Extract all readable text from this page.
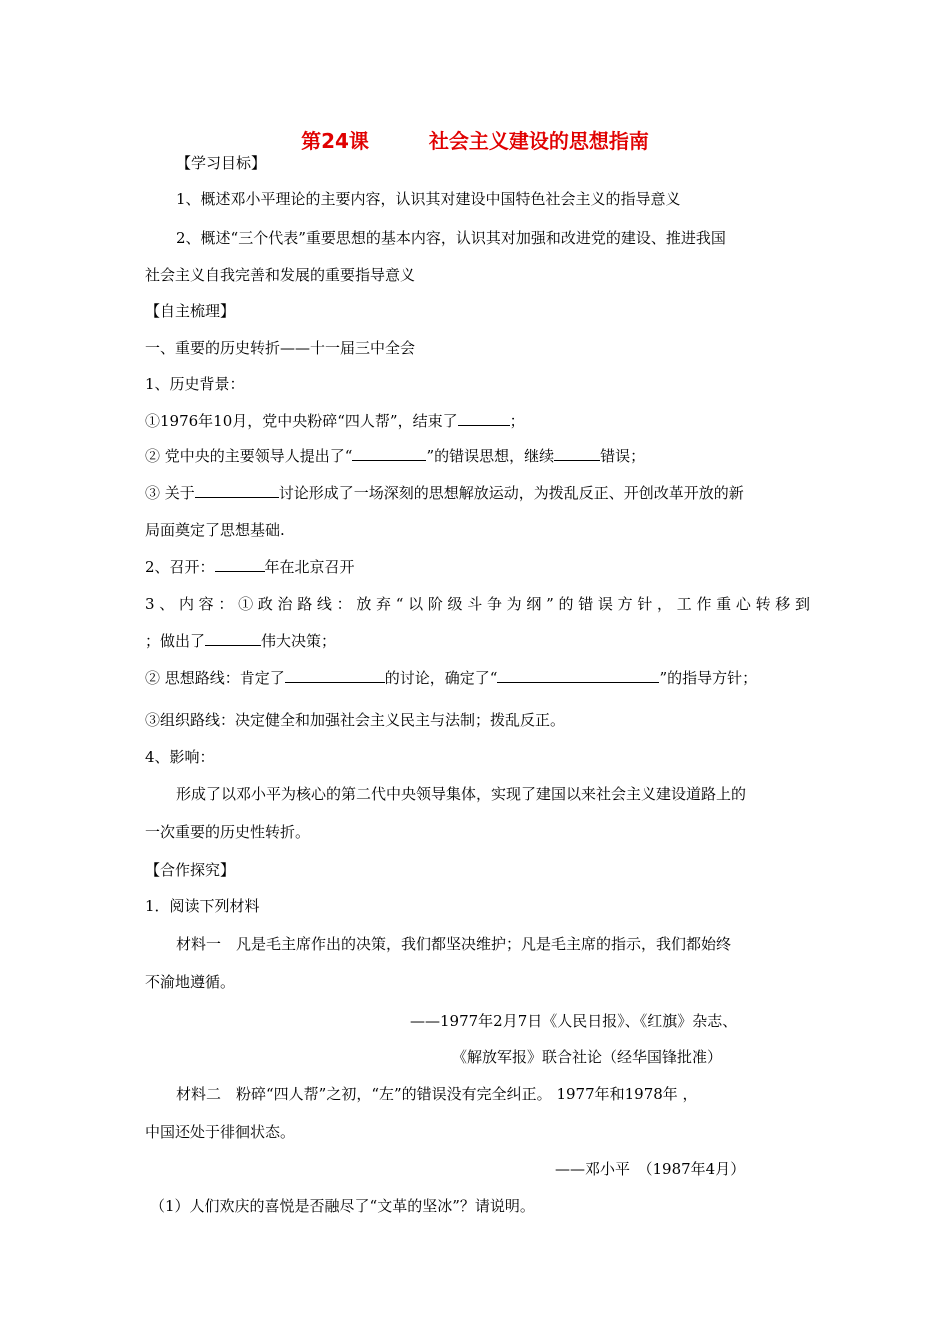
第24课	社会主义建设的思想指南
【学习目标】
1、概述邓小平理论的主要内容，认识其对建设中国特色社会主义的指导意义
2、概述“三个代表”重要思想的基本内容，认识其对加强和改进党的建设、推进我国
社会主义自我完善和发展的重要指导意义
【自主梳理】
一、重要的历史转折——十一届三中全会
1、历史背景：
①1976年10月，党中央粉碎“四人帮”，结束了	；
② 党中央的主要领导人提出了“	”的错误思想，继续	错误；
③ 关于	讨论形成了一场深刻的思想解放运动，为拨乱反正、开创改革开放的新
局面奠定了思想基础.
2、召开：	年在北京召开
3、内容：①政治路线：放弃“以阶级斗争为纲”的错误方针，工作重心转移到
；做出了	伟大决策；
② 思想路线：肯定了	的讨论，确定了“	”的指导方针；
③组织路线：决定健全和加强社会主义民主与法制；拨乱反正。
4、影响：
形成了以邓小平为核心的第二代中央领导集体，实现了建国以来社会主义建设道路上的
一次重要的历史性转折。
【合作探究】
1．阅读下列材料
材料一　凡是毛主席作出的决策，我们都坚决维护；凡是毛主席的指示，我们都始终
不渝地遵循。
——1977年2月7日《人民日报》、《红旗》杂志、
《解放军报》联合社论（经华国锋批准）
材料二　粉碎“四人帮”之初，“左”的错误没有完全纠正。 1977年和1978年 ，
中国还处于徘徊状态。
——邓小平　（1987年4月）
（1）人们欢庆的喜悦是否融尽了“文革的坚冰”？请说明。
